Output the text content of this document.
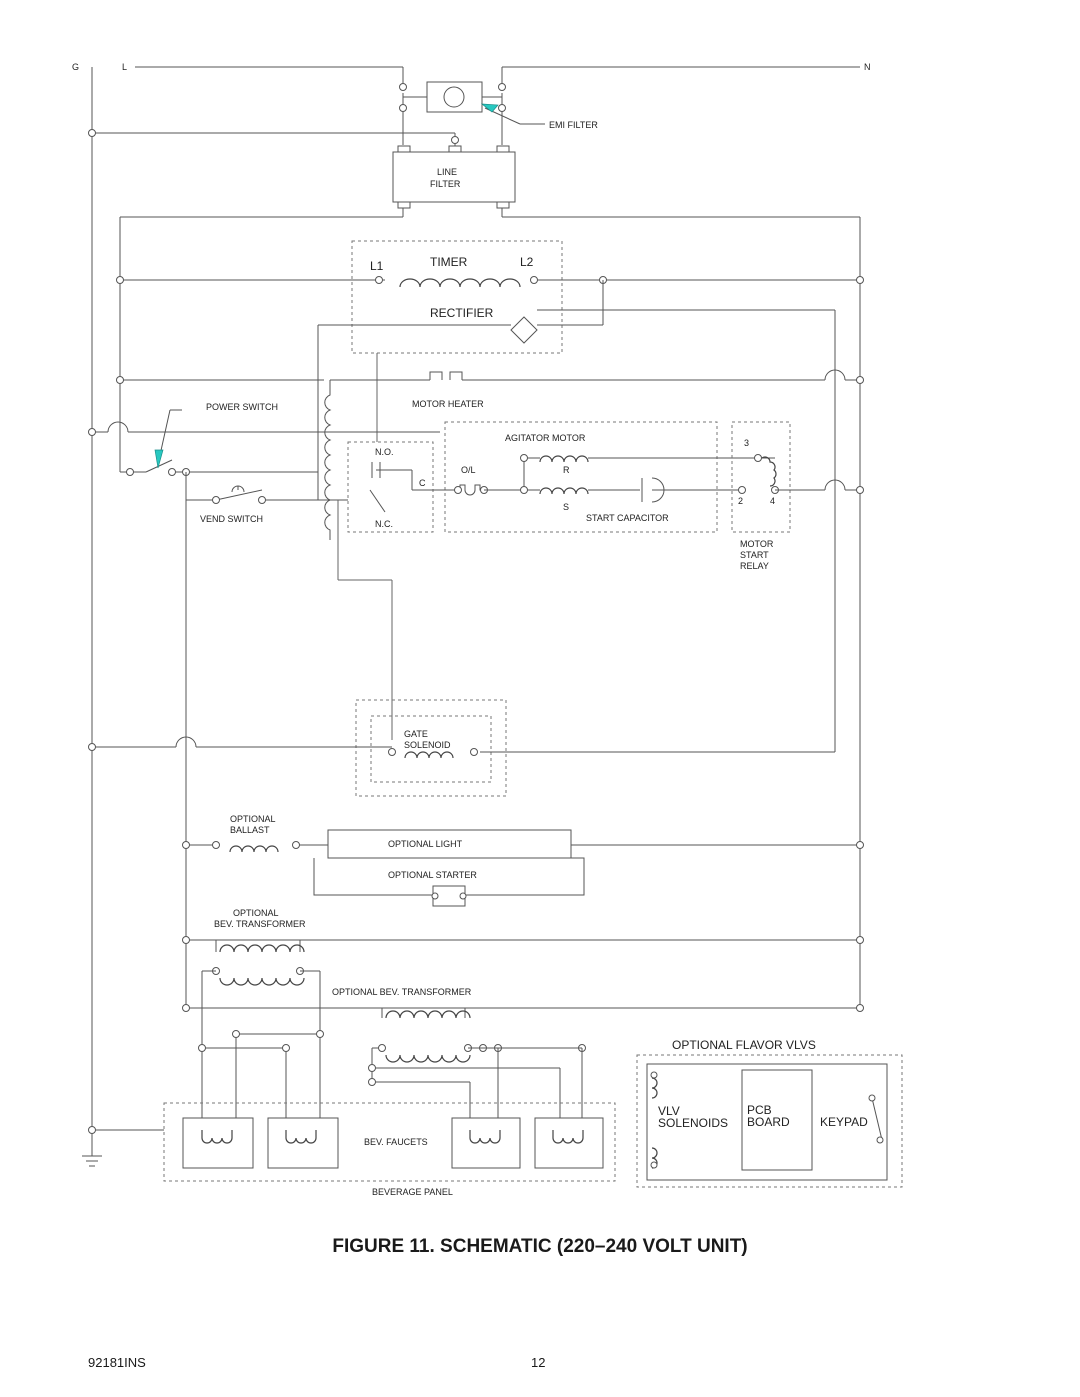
G	L	N
EMI FILTER
LINE
FILTER
L1	TIMER	L2
RECTIFIER
MOTOR HEATER
POWER SWITCH
VEND SWITCH
N.O.
N.C.
C
AGITATOR MOTOR
O/L	R
S
START CAPACITOR
3
2	4
MOTOR
START
RELAY
GATE
SOLENOID
OPTIONAL
BALLAST
OPTIONAL LIGHT
OPTIONAL STARTER
OPTIONAL
BEV. TRANSFORMER
OPTIONAL BEV. TRANSFORMER
BEV. FAUCETS
BEVERAGE PANEL
OPTIONAL FLAVOR VLVS
VLV
SOLENOIDS
PCB
BOARD	KEYPAD
FIGURE 11. SCHEMATIC (220–240 VOLT UNIT)
92181INS	12
